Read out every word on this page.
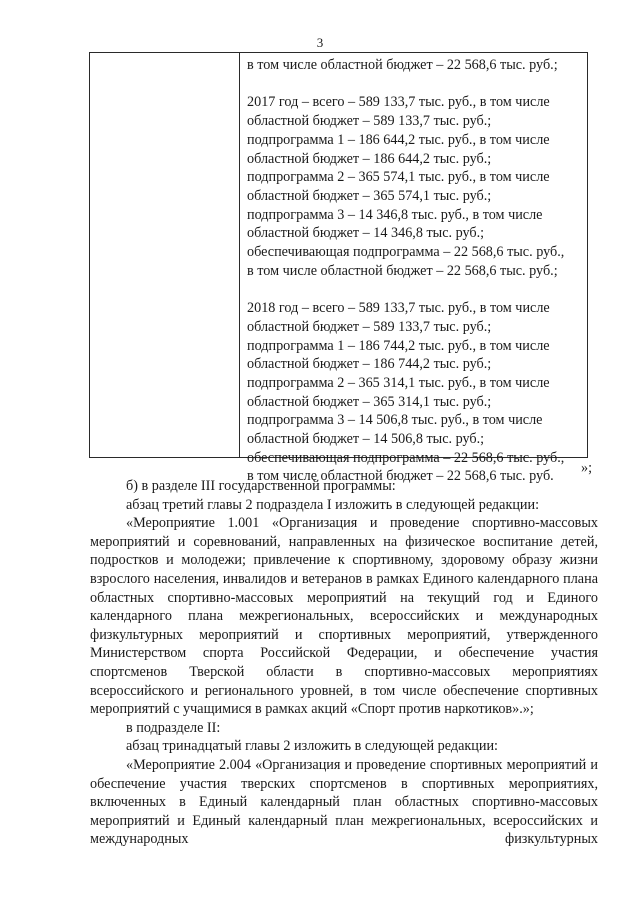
3
в том числе областной бюджет – 22 568,6 тыс. руб.;
2017 год – всего – 589 133,7 тыс. руб., в том числе
областной бюджет – 589 133,7 тыс. руб.;
подпрограмма 1 – 186 644,2 тыс. руб., в том числе
областной бюджет – 186 644,2 тыс. руб.;
подпрограмма 2 – 365 574,1 тыс. руб., в том числе
областной бюджет – 365 574,1 тыс. руб.;
подпрограмма 3 – 14 346,8 тыс. руб., в том числе
областной бюджет – 14 346,8 тыс. руб.;
обеспечивающая подпрограмма – 22 568,6 тыс. руб.,
в том числе областной бюджет – 22 568,6 тыс. руб.;
2018 год – всего – 589 133,7 тыс. руб., в том числе
областной бюджет – 589 133,7 тыс. руб.;
подпрограмма 1 – 186 744,2 тыс. руб., в том числе
областной бюджет – 186 744,2 тыс. руб.;
подпрограмма 2 – 365 314,1 тыс. руб., в том числе
областной бюджет – 365 314,1 тыс. руб.;
подпрограмма 3 – 14 506,8 тыс. руб., в том числе
областной бюджет – 14 506,8 тыс. руб.;
обеспечивающая подпрограмма – 22 568,6 тыс. руб.,
в том числе областной бюджет – 22 568,6 тыс. руб.
»;

б) в разделе III государственной программы:

абзац третий главы 2 подраздела I изложить в следующей редакции:

«Мероприятие 1.001 «Организация и проведение спортивно-массовых мероприятий и соревнований, направленных на физическое воспитание детей, подростков и молодежи; привлечение к спортивному, здоровому образу жизни взрослого населения, инвалидов и ветеранов в рамках Единого календарного плана областных спортивно-массовых мероприятий на текущий год и Единого календарного плана межрегиональных, всероссийских и международных физкультурных мероприятий и спортивных мероприятий, утвержденного Министерством спорта Российской Федерации, и обеспечение участия спортсменов Тверской области в спортивно-массовых мероприятиях всероссийского и регионального уровней, в том числе обеспечение спортивных мероприятий с учащимися в рамках акций «Спорт против наркотиков».»;

в подразделе II:

абзац тринадцатый главы 2 изложить в следующей редакции:

«Мероприятие 2.004 «Организация и проведение спортивных мероприятий и обеспечение участия тверских спортсменов в спортивных мероприятиях, включенных в Единый календарный план областных спортивно-массовых мероприятий и Единый календарный план межрегиональных, всероссийских и международных физкультурных
